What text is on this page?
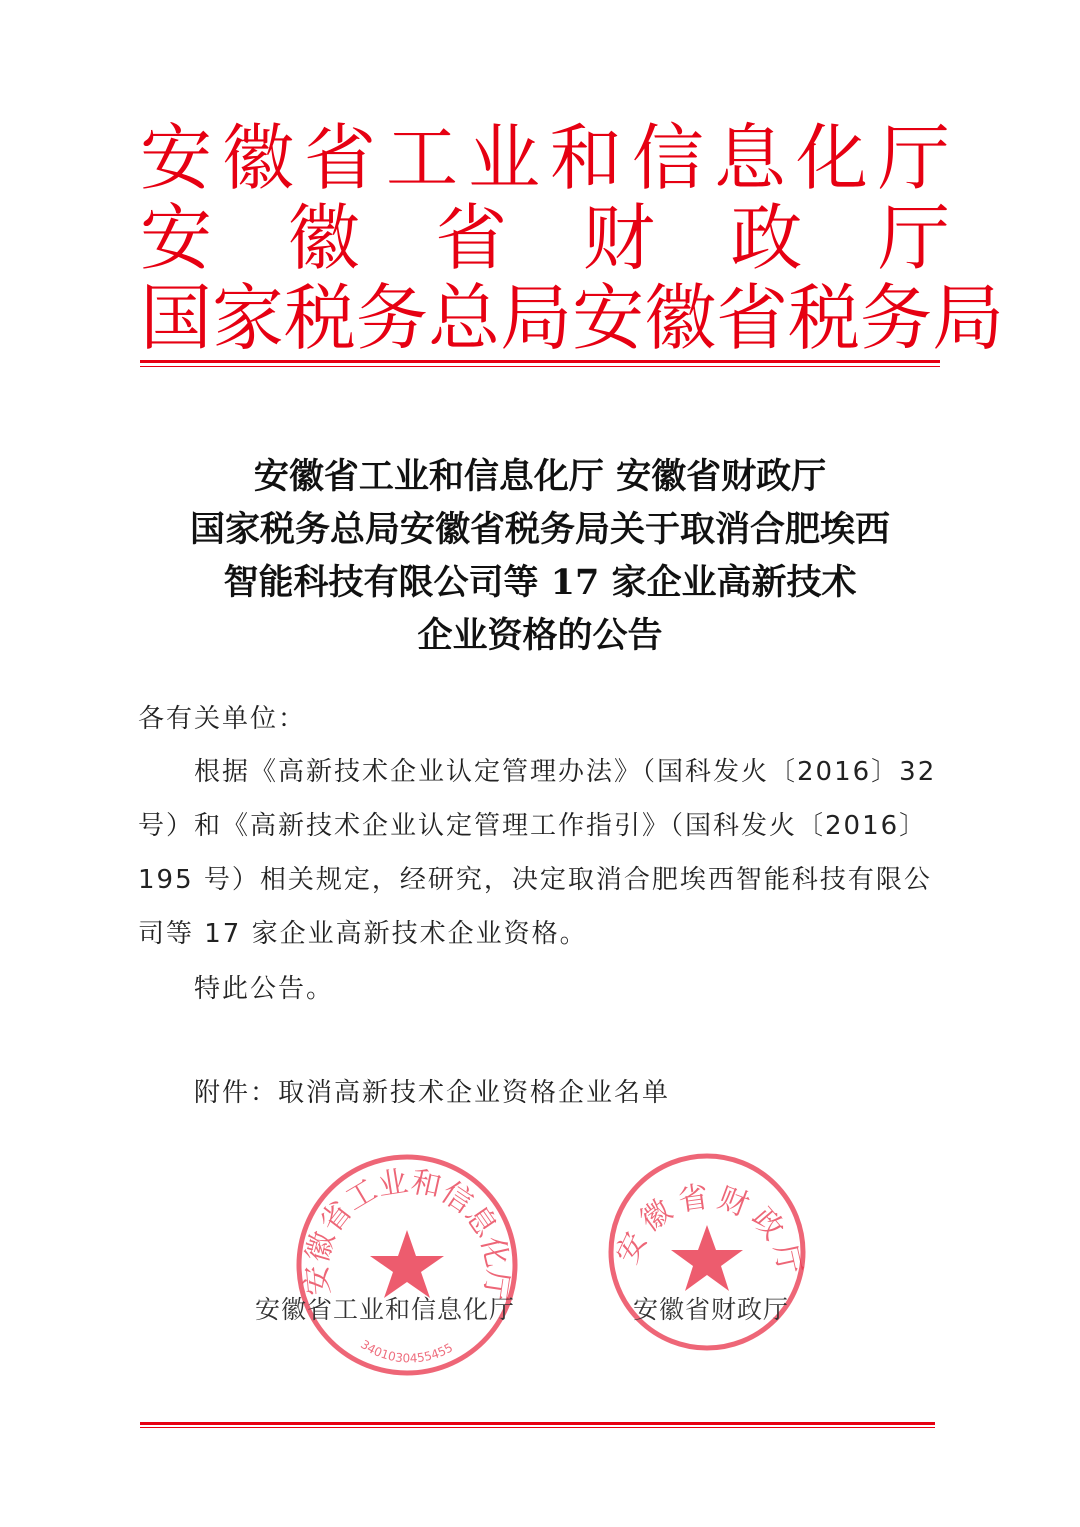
安 徽 省 工 业 和 信 息 化 厅
安 徽 省 财 政 厅
国 家 税 务 总 局 安 徽 省 税 务 局
安徽省工业和信息化厅 安徽省财政厅
国家税务总局安徽省税务局关于取消合肥埃西
智能科技有限公司等 17 家企业高新技术
企业资格的公告
各有关单位：
　　根据《高新技术企业认定管理办法》（国科发火〔2016〕32
号）和《高新技术企业认定管理工作指引》（国科发火〔2016〕
195 号）相关规定，经研究，决定取消合肥埃西智能科技有限公
司等 17 家企业高新技术企业资格。
特此公告。
附件：取消高新技术企业资格企业名单
安徽省工业和信息化厅
3401030455455
安徽省财政厅
安徽省工业和信息化厅	安徽省财政厅
